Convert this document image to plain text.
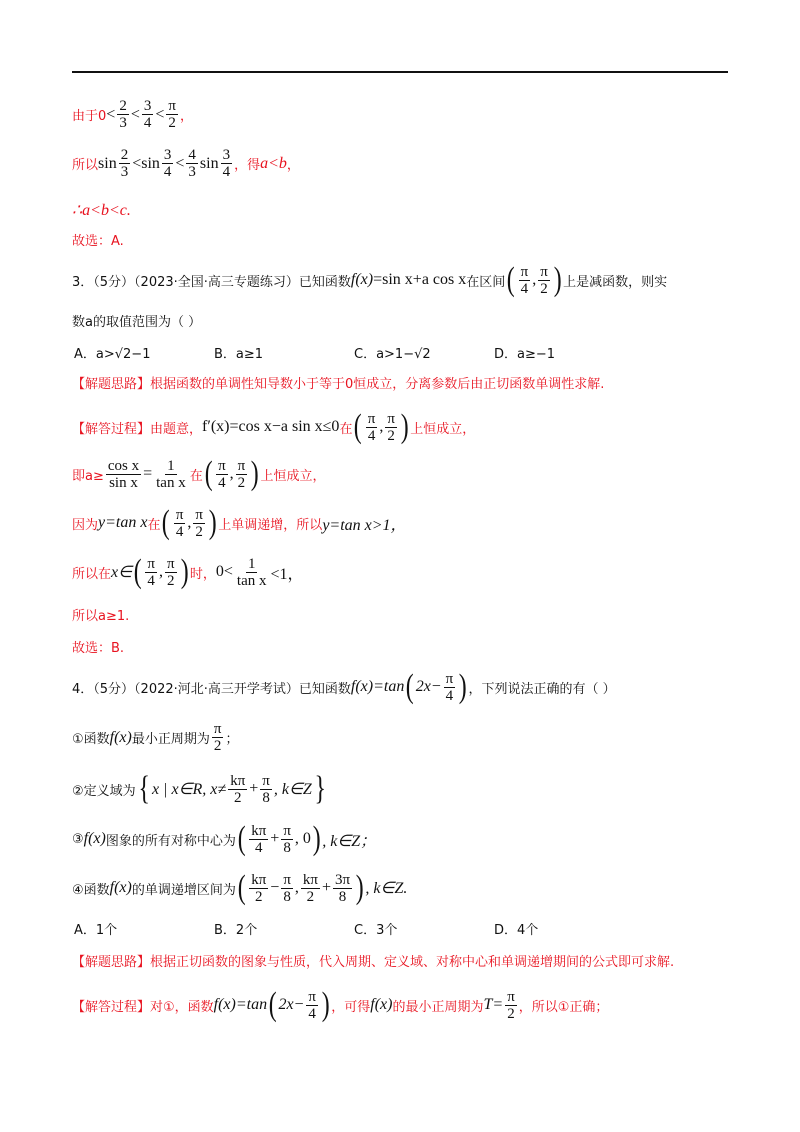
由于$0 < \frac{2}{3} < \frac{3}{4} < \frac{\pi}{2}$ ，
所以 $\sin \frac{2}{3} < \sin \frac{3}{4} < \frac{4}{3}$ $\sin \frac{3}{4}$ ，得 a<b ，
∴a<b<c.
故选：A.
3．（5分）（2023·全国·高三专题练习）已知函数 f(x) =sin x+a cos x 在区间 ( $\frac{\pi}{4}$ , $\frac{\pi}{2}$ ) 上是减函数，则实
数a的取值范围为（ ）
A．a>√2−1	B．a≥1	C．a>1−√2	D．a≥−1
【解题思路】根据函数的单调性知导数小于等于0恒成立，分离参数后由正切函数单调性求解.
【解答过程】由题意， f′(x)=cos x−a sin x≤0 在 ( $\frac{\pi}{4}$ , $\frac{\pi}{2}$ ) 上恒成立，
即$a\ge \frac{\text{cos x}}{\text{sin x}} = \frac{1}{\text{tan x}}$ 在 ( $\frac{\pi}{4}$ , $\frac{\pi}{2}$ ) 上恒成立，
因为 y=tan x 在 ( $\frac{\pi}{4}$ , $\frac{\pi}{2}$ ) 上单调递增，所以 y=tan x>1，
所以在 x∈ ( $\frac{\pi}{4}$ , $\frac{\pi}{2}$ ) 时， $0< \frac{1}{\text{tan x}} <1$，
所以a≥1.
故选：B.
4．（5分）（2022·河北·高三开学考试）已知函数 f(x)=tan ( $2x- \frac{\pi}{4}$ ) ，下列说法正确的有（ ）
①函数 f(x) 最小正周期为 $\frac{\pi}{2}$ ；
②定义域为 { x | x∈R, $x\ne \frac{k\pi}{2} + \frac{\pi}{8}$ , k∈Z }
③ f(x) 图象的所有对称中心为 ( $\frac{k\pi}{4} + \frac{\pi}{8}$ , 0 ) , k∈Z；
④函数 f(x) 的单调递增区间为 ( $\frac{k\pi}{2} - \frac{\pi}{8}$ , $\frac{k\pi}{2} + \frac{3\pi}{8}$ ) , k∈Z.
A．1个	B．2个	C．3个	D．4个
【解题思路】根据正切函数的图象与性质，代入周期、定义域、对称中心和单调递增期间的公式即可求解.
【解答过程】对①，函数 f(x)=tan ( $2x- \frac{\pi}{4}$ ) ，可得 f(x) 的最小正周期为 $T= \frac{\pi}{2}$ ，所以①正确；
